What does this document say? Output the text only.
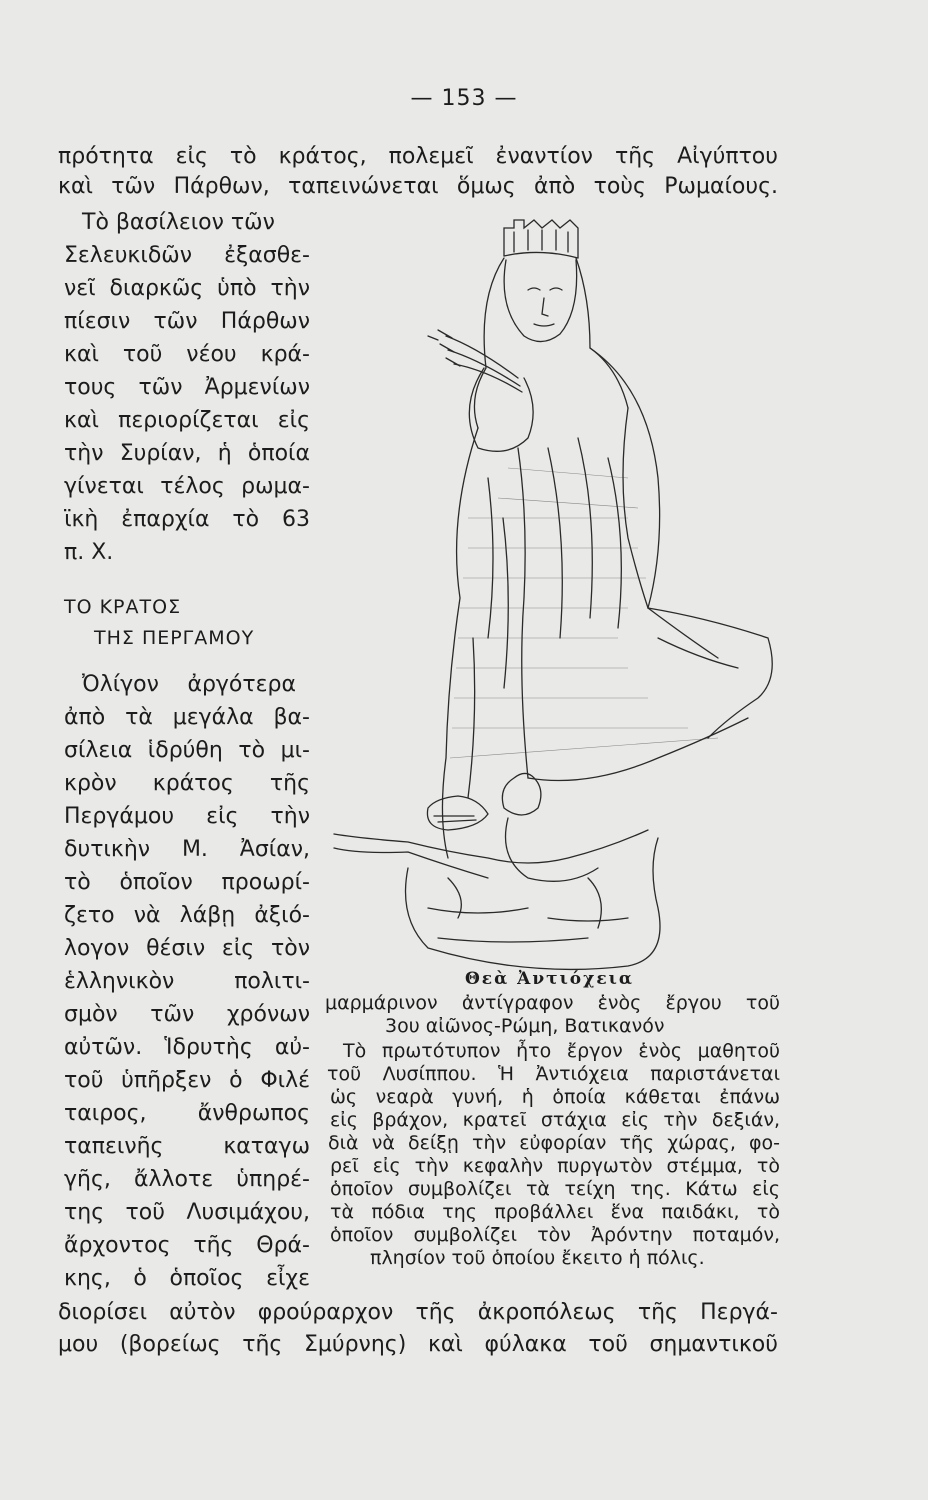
— 153 —
πρότητα εἰς τὸ κράτος, πολεμεῖ ἐναντίον τῆς Αἰγύπτου
καὶ τῶν Πάρθων, ταπεινώνεται ὅμως ἀπὸ τοὺς Ρωμαίους.
Τὸ βασίλειον τῶν
Σελευκιδῶν ἐξασθε-
νεῖ διαρκῶς ὑπὸ τὴν
πίεσιν τῶν Πάρθων
καὶ τοῦ νέου κρά-
τους τῶν Ἀρμενίων
καὶ περιορίζεται εἰς
τὴν Συρίαν, ἡ ὁποία
γίνεται τέλος ρωμα-
ϊκὴ ἐπαρχία τὸ 63
π. Χ.
ΤΟ ΚΡΑΤΟΣ
ΤΗΣ ΠΕΡΓΑΜΟΥ
Ὀλίγον ἀργότερα
ἀπὸ τὰ μεγάλα βα-
σίλεια ἱδρύθη τὸ μι-
κρὸν κράτος τῆς
Περγάμου εἰς τὴν
δυτικὴν Μ. Ἀσίαν,
τὸ ὁποῖον προωρί-
ζετο νὰ λάβῃ ἀξιό-
λογον θέσιν εἰς τὸν
ἑλληνικὸν πολιτι-
σμὸν τῶν χρόνων
αὐτῶν. Ἱδρυτὴς αὐ-
τοῦ ὑπῆρξεν ὁ Φιλέ
ταιρος, ἄνθρωπος
ταπεινῆς καταγω
γῆς, ἄλλοτε ὑπηρέ-
της τοῦ Λυσιμάχου,
ἄρχοντος τῆς Θρά-
κης, ὁ ὁποῖος εἶχε
Θεὰ Ἀντιόχεια
μαρμάρινον ἀντίγραφον ἑνὸς ἔργου τοῦ
3ου αἰῶνος-Ρώμη, Βατικανόν
Τὸ πρωτότυπον ἦτο ἔργον ἑνὸς μαθητοῦ
τοῦ Λυσίππου. Ἡ Ἀντιόχεια παριστάνεται
ὡς νεαρὰ γυνή, ἡ ὁποία κάθεται ἐπάνω
εἰς βράχον, κρατεῖ στάχια εἰς τὴν δεξιάν,
διὰ νὰ δείξῃ τὴν εὐφορίαν τῆς χώρας, φο-
ρεῖ εἰς τὴν κεφαλὴν πυργωτὸν στέμμα, τὸ
ὁποῖον συμβολίζει τὰ τείχη της. Κάτω εἰς
τὰ πόδια της προβάλλει ἕνα παιδάκι, τὸ
ὁποῖον συμβολίζει τὸν Ἀρόντην ποταμόν,
πλησίον τοῦ ὁποίου ἔκειτο ἡ πόλις.
διορίσει αὐτὸν φρούραρχον τῆς ἀκροπόλεως τῆς Περγά-
μου (βορείως τῆς Σμύρνης) καὶ φύλακα τοῦ σημαντικοῦ
